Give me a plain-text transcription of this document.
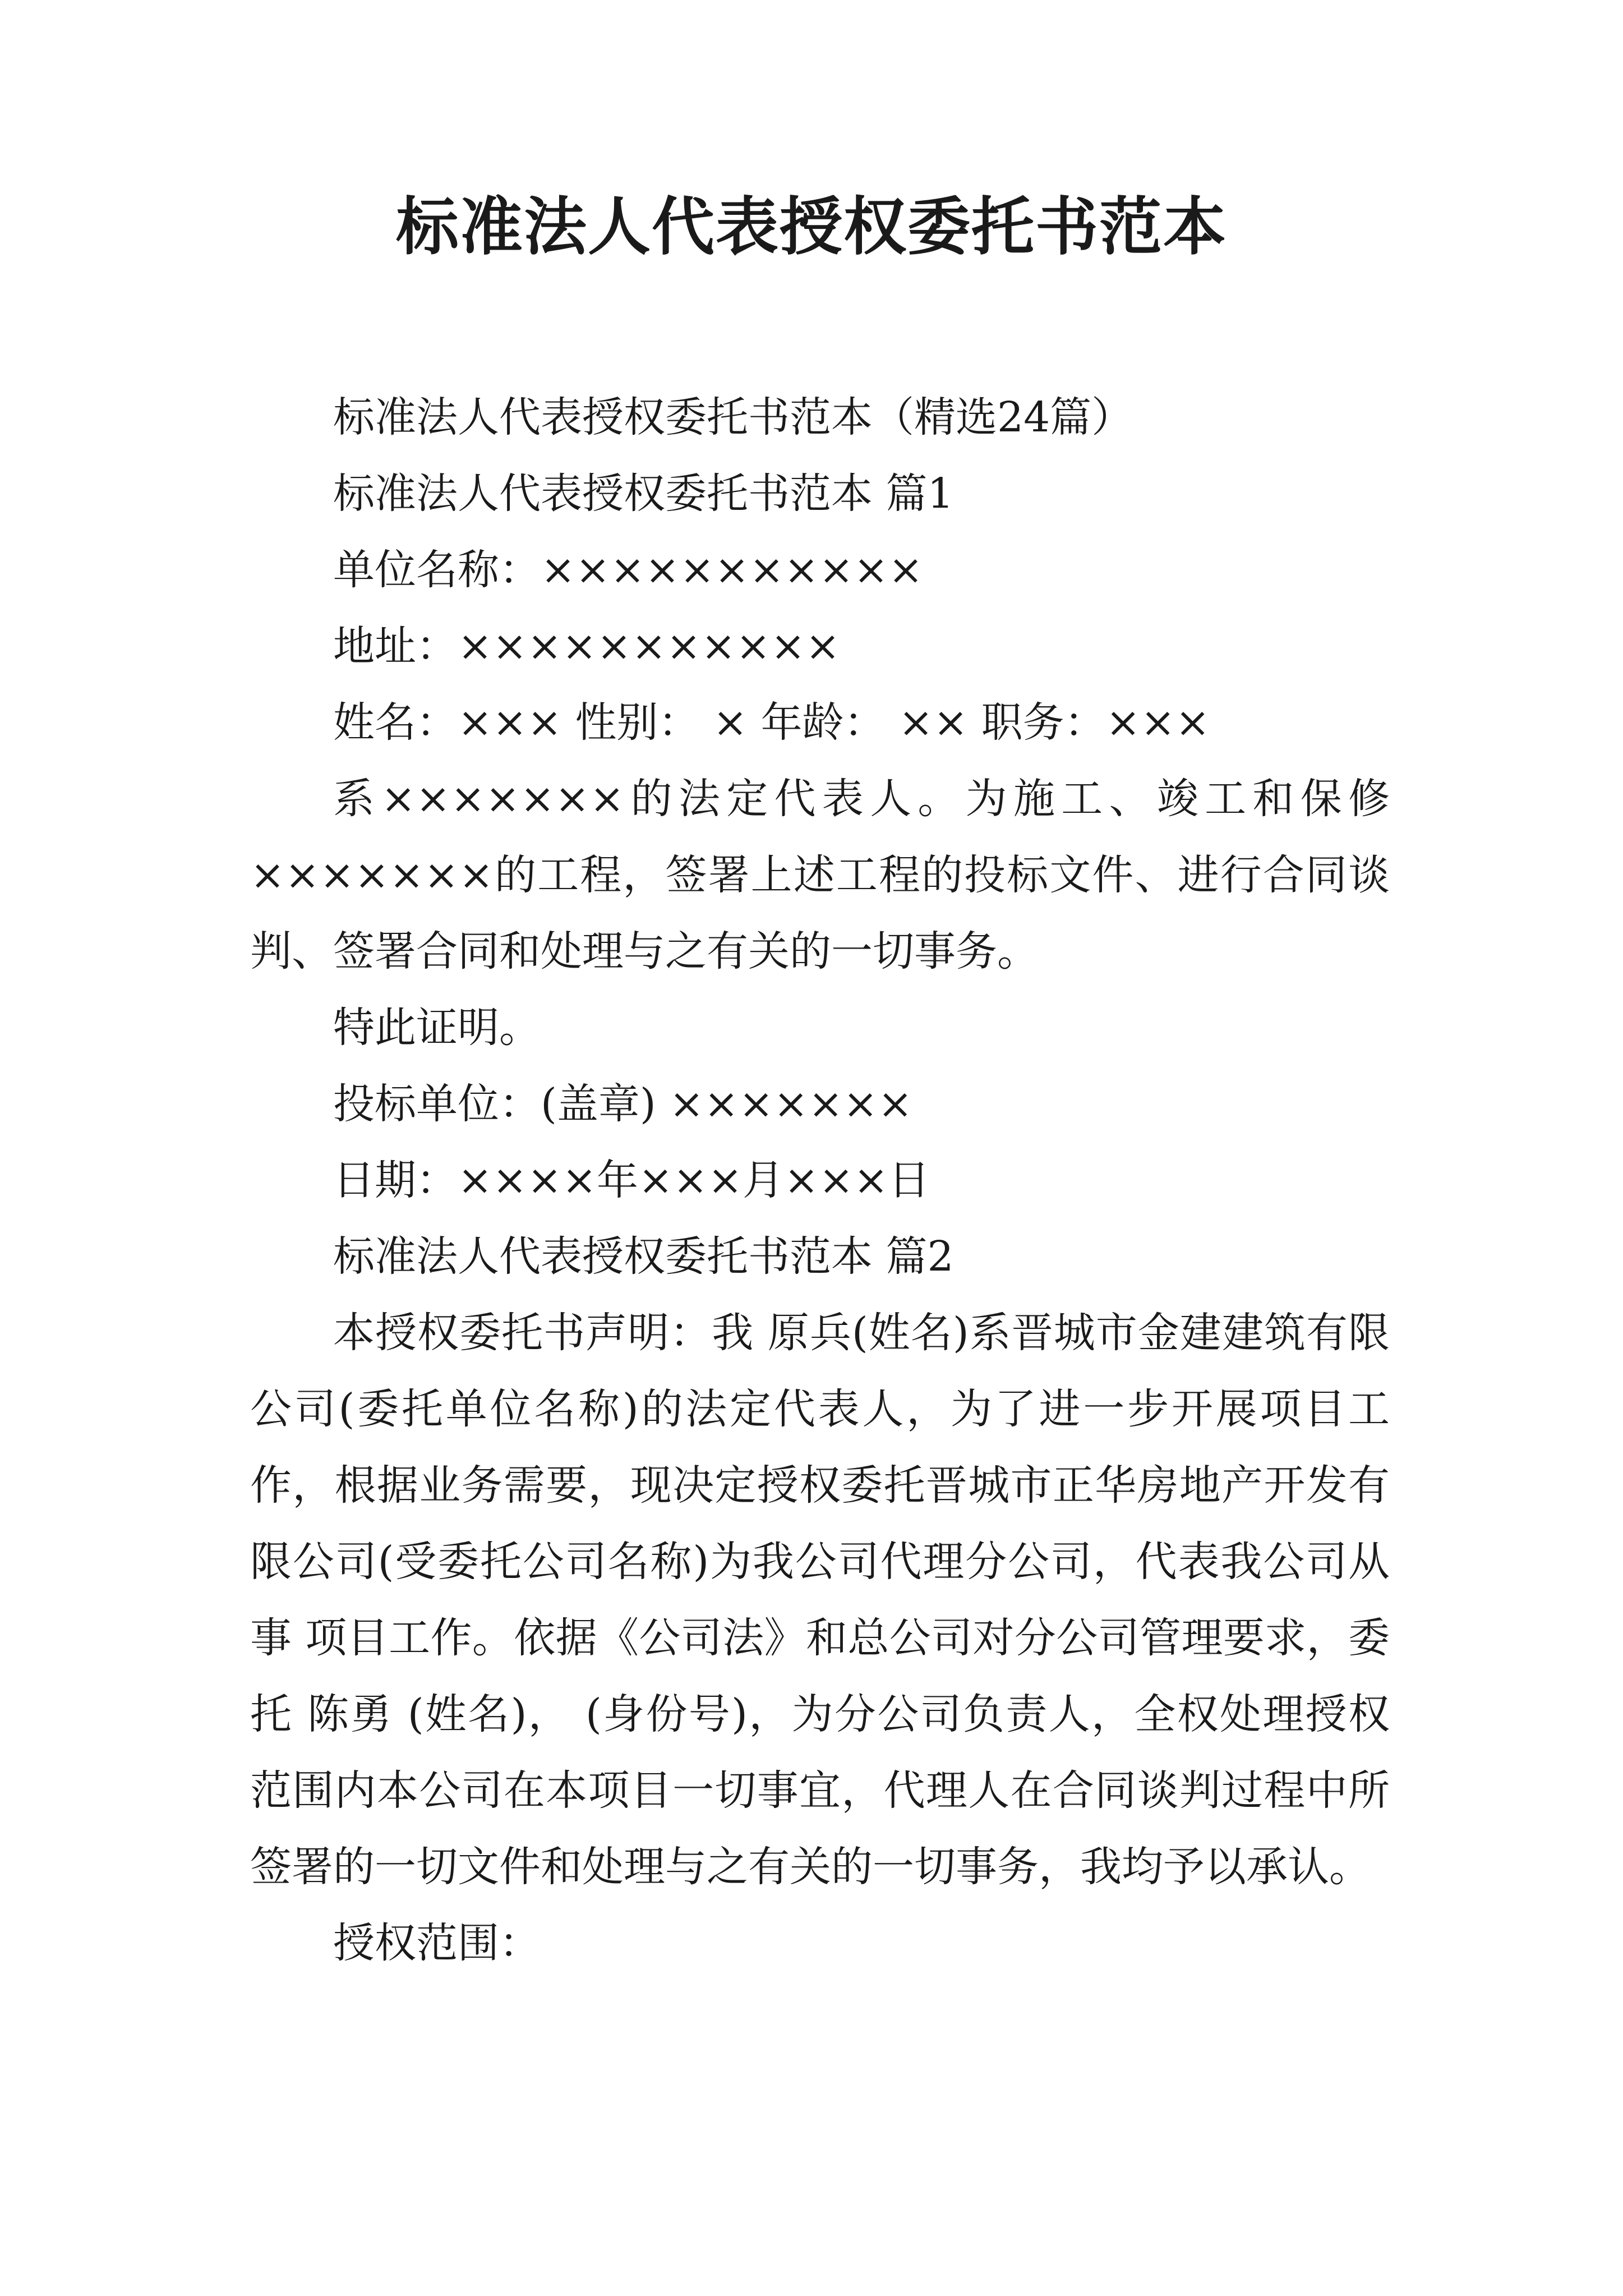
标准法人代表授权委托书范本

标准法人代表授权委托书范本（精选24篇）

标准法人代表授权委托书范本 篇1

单位名称：×××××××××××

地址：×××××××××××

姓名：××× 性别： × 年龄： ×× 职务：×××

系×××××××的法定代表人。为施工、竣工和保修×××××××的工程，签署上述工程的投标文件、进行合同谈判、签署合同和处理与之有关的一切事务。

特此证明。

投标单位：(盖章) ×××××××

日期：××××年×××月×××日

标准法人代表授权委托书范本 篇2

本授权委托书声明：我 原兵(姓名)系晋城市金建建筑有限公司(委托单位名称)的法定代表人，为了进一步开展项目工作，根据业务需要，现决定授权委托晋城市正华房地产开发有限公司(受委托公司名称)为我公司代理分公司，代表我公司从事 项目工作。依据《公司法》和总公司对分公司管理要求，委托 陈勇 (姓名)， (身份号)，为分公司负责人，全权处理授权范围内本公司在本项目一切事宜，代理人在合同谈判过程中所签署的一切文件和处理与之有关的一切事务，我均予以承认。

授权范围：
